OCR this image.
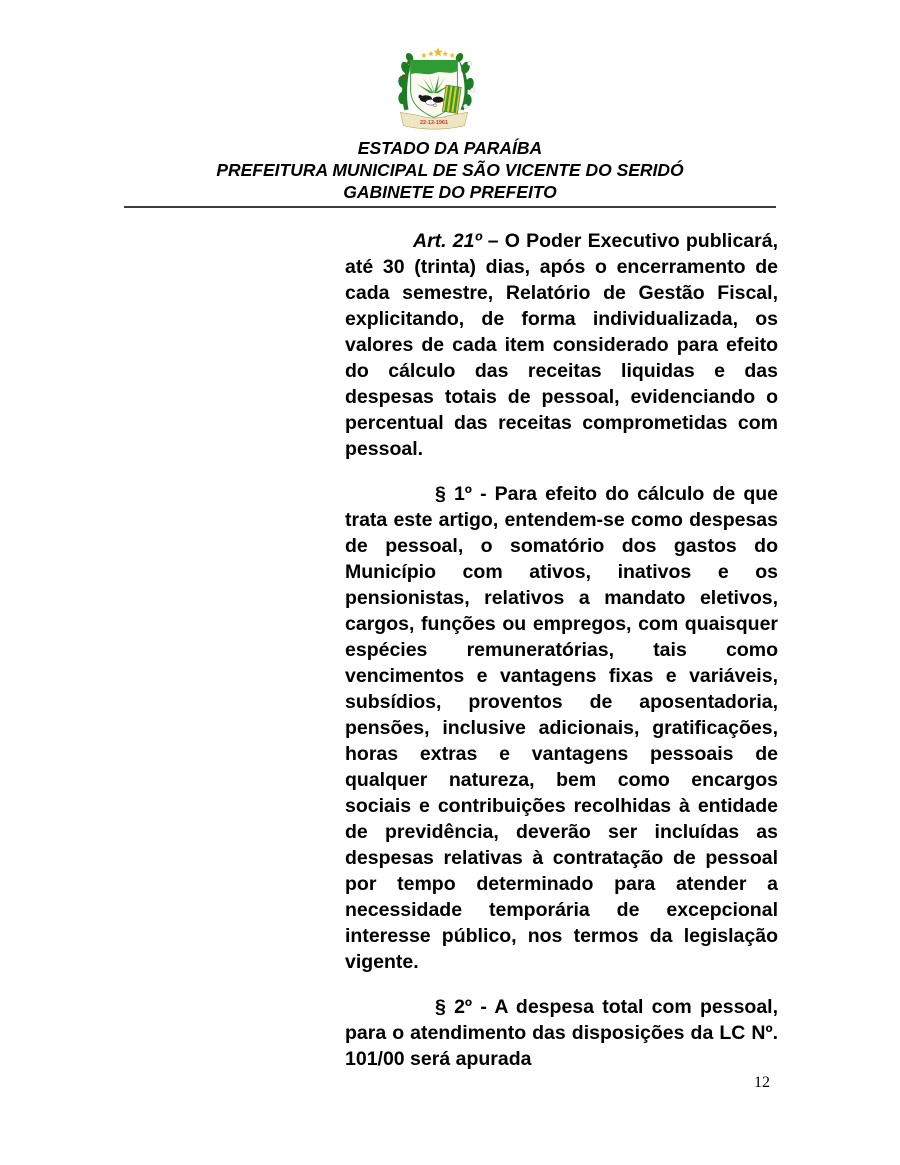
22-12-1961
ESTADO DA PARAÍBA
PREFEITURA MUNICIPAL DE SÃO VICENTE DO SERIDÓ
GABINETE DO PREFEITO

Art. 21º – O Poder Executivo publicará, até 30 (trinta) dias, após o encerramento de cada semestre, Relatório de Gestão Fiscal, explicitando, de forma individualizada, os valores de cada item considerado para efeito do cálculo das receitas liquidas e das despesas totais de pessoal, evidenciando o percentual das receitas comprometidas com pessoal.

§ 1º - Para efeito do cálculo de que trata este artigo, entendem-se como despesas de pessoal, o somatório dos gastos do Município com ativos, inativos e os pensionistas, relativos a mandato eletivos, cargos, funções ou empregos, com quaisquer espécies remuneratórias, tais como vencimentos e vantagens fixas e variáveis, subsídios, proventos de aposentadoria, pensões, inclusive adicionais, gratificações, horas extras e vantagens pessoais de qualquer natureza, bem como encargos sociais e contribuições recolhidas à entidade de previdência, deverão ser incluídas as despesas relativas à contratação de pessoal por tempo determinado para atender a necessidade temporária de excepcional interesse público, nos termos da legislação vigente.

§ 2º - A despesa total com pessoal, para o atendimento das disposições da LC Nº. 101/00 será apurada

12
